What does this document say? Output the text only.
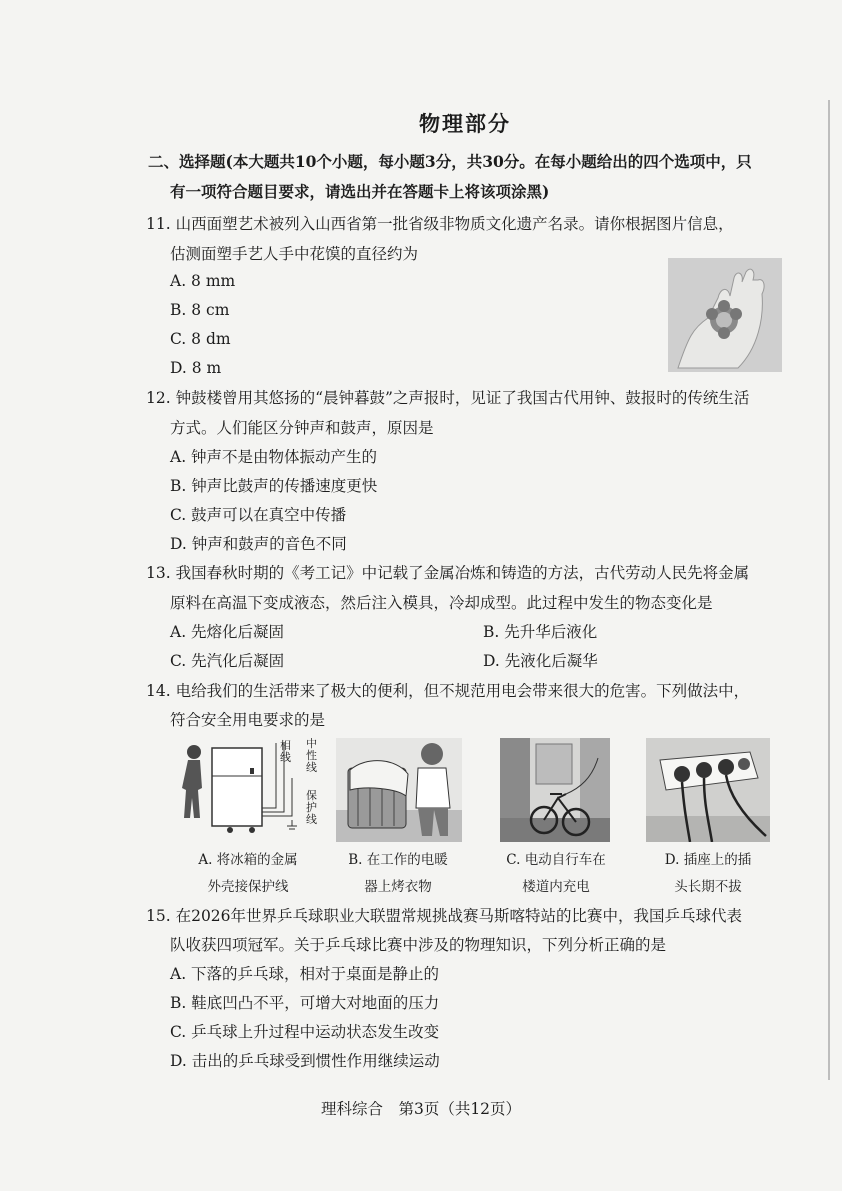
物理部分
二、选择题(本大题共10个小题，每小题3分，共30分。在每小题给出的四个选项中，只
有一项符合题目要求，请选出并在答题卡上将该项涂黑)
11. 山西面塑艺术被列入山西省第一批省级非物质文化遗产名录。请你根据图片信息，
估测面塑手艺人手中花馍的直径约为
A. 8 mm
B. 8 cm
C. 8 dm
D. 8 m
12. 钟鼓楼曾用其悠扬的“晨钟暮鼓”之声报时，见证了我国古代用钟、鼓报时的传统生活
方式。人们能区分钟声和鼓声，原因是
A. 钟声不是由物体振动产生的
B. 钟声比鼓声的传播速度更快
C. 鼓声可以在真空中传播
D. 钟声和鼓声的音色不同
13. 我国春秋时期的《考工记》中记载了金属冶炼和铸造的方法，古代劳动人民先将金属
原料在高温下变成液态，然后注入模具，冷却成型。此过程中发生的物态变化是
A. 先熔化后凝固	B. 先升华后液化
C. 先汽化后凝固	D. 先液化后凝华
14. 电给我们的生活带来了极大的便利，但不规范用电会带来很大的危害。下列做法中，
符合安全用电要求的是
相线
中性线
保护线
A. 将冰箱的金属
外壳接保护线
B. 在工作的电暖
器上烤衣物
C. 电动自行车在
楼道内充电
D. 插座上的插
头长期不拔
15. 在2026年世界乒乓球职业大联盟常规挑战赛马斯喀特站的比赛中，我国乒乓球代表
队收获四项冠军。关于乒乓球比赛中涉及的物理知识，下列分析正确的是
A. 下落的乒乓球，相对于桌面是静止的
B. 鞋底凹凸不平，可增大对地面的压力
C. 乒乓球上升过程中运动状态发生改变
D. 击出的乒乓球受到惯性作用继续运动
理科综合　第3页（共12页）
